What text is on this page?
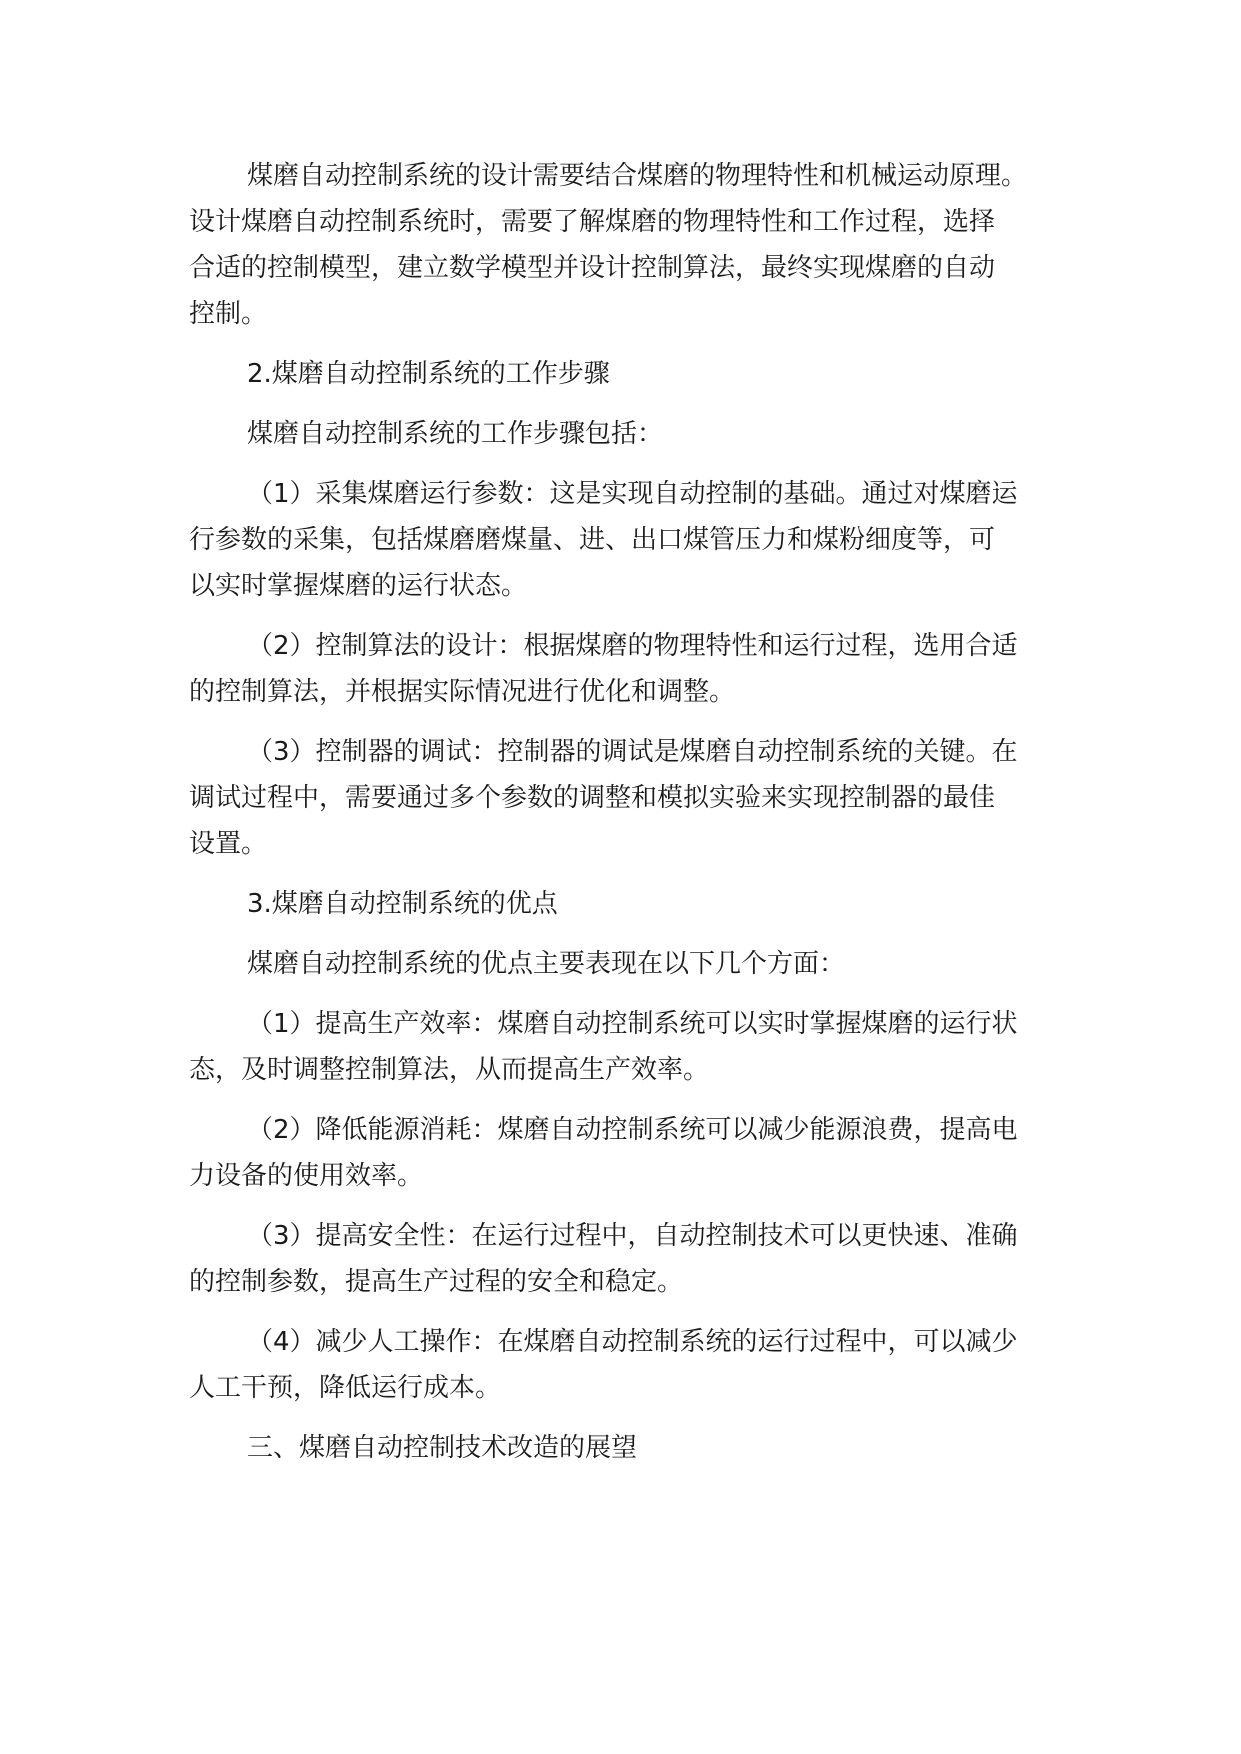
煤磨自动控制系统的设计需要结合煤磨的物理特性和机械运动原理。
设计煤磨自动控制系统时，需要了解煤磨的物理特性和工作过程，选择
合适的控制模型，建立数学模型并设计控制算法，最终实现煤磨的自动
控制。
2.煤磨自动控制系统的工作步骤
煤磨自动控制系统的工作步骤包括：
（1）采集煤磨运行参数：这是实现自动控制的基础。通过对煤磨运
行参数的采集，包括煤磨磨煤量、进、出口煤管压力和煤粉细度等，可
以实时掌握煤磨的运行状态。
（2）控制算法的设计：根据煤磨的物理特性和运行过程，选用合适
的控制算法，并根据实际情况进行优化和调整。
（3）控制器的调试：控制器的调试是煤磨自动控制系统的关键。在
调试过程中，需要通过多个参数的调整和模拟实验来实现控制器的最佳
设置。
3.煤磨自动控制系统的优点
煤磨自动控制系统的优点主要表现在以下几个方面：
（1）提高生产效率：煤磨自动控制系统可以实时掌握煤磨的运行状
态，及时调整控制算法，从而提高生产效率。
（2）降低能源消耗：煤磨自动控制系统可以减少能源浪费，提高电
力设备的使用效率。
（3）提高安全性：在运行过程中，自动控制技术可以更快速、准确
的控制参数，提高生产过程的安全和稳定。
（4）减少人工操作：在煤磨自动控制系统的运行过程中，可以减少
人工干预，降低运行成本。
三、煤磨自动控制技术改造的展望
